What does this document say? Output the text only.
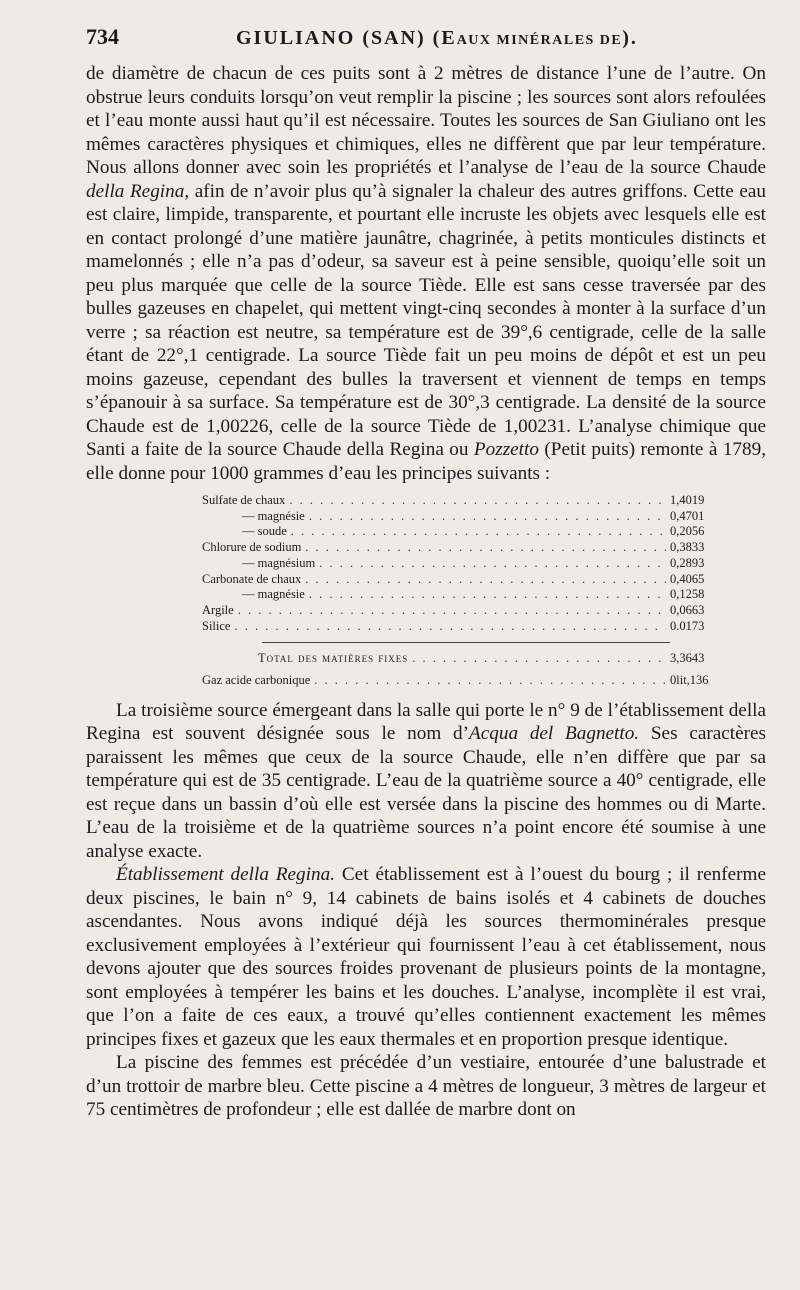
734	GIULIANO (SAN) (EAUX MINÉRALES DE).

de diamètre de chacun de ces puits sont à 2 mètres de distance l’une de l’autre. On obstrue leurs conduits lorsqu’on veut remplir la piscine ; les sources sont alors refoulées et l’eau monte aussi haut qu’il est nécessaire. Toutes les sources de San Giuliano ont les mêmes caractères physiques et chimiques, elles ne diffèrent que par leur température. Nous allons donner avec soin les propriétés et l’analyse de l’eau de la source Chaude della Regina, afin de n’avoir plus qu’à signaler la chaleur des autres griffons. Cette eau est claire, limpide, transparente, et pourtant elle incruste les objets avec lesquels elle est en contact prolongé d’une matière jaunâtre, chagrinée, à petits monticules distincts et mamelonnés ; elle n’a pas d’odeur, sa saveur est à peine sensible, quoiqu’elle soit un peu plus marquée que celle de la source Tiède. Elle est sans cesse traversée par des bulles gazeuses en chapelet, qui mettent vingt-cinq secondes à monter à la surface d’un verre ; sa réaction est neutre, sa température est de 39°,6 centigrade, celle de la salle étant de 22°,1 centigrade. La source Tiède fait un peu moins de dépôt et est un peu moins gazeuse, cependant des bulles la traversent et viennent de temps en temps s’épanouir à sa surface. Sa température est de 30°,3 centigrade. La densité de la source Chaude est de 1,00226, celle de la source Tiède de 1,00231. L’analyse chimique que Santi a faite de la source Chaude della Regina ou Pozzetto (Petit puits) remonte à 1789, elle donne pour 1000 grammes d’eau les principes suivants :

Sulfate de chaux . . .	1,4019
— magnésie . . .	0,4701
— soude . . .	0,2056
Chlorure de sodium . . .	0,3833
— magnésium . . .	0,2893
Carbonate de chaux . . .	0,4065
— magnésie . . .	0,1258
Argile . . .	0,0663
Silice . . .	0.0173
Total des matières fixes . . .	3,3643
Gaz acide carbonique . . .	0lit,136

La troisième source émergeant dans la salle qui porte le n° 9 de l’établissement della Regina est souvent désignée sous le nom d’Acqua del Bagnetto. Ses caractères paraissent les mêmes que ceux de la source Chaude, elle n’en diffère que par sa température qui est de 35 centigrade. L’eau de la quatrième source a 40° centigrade, elle est reçue dans un bassin d’où elle est versée dans la piscine des hommes ou di Marte. L’eau de la troisième et de la quatrième sources n’a point encore été soumise à une analyse exacte.

Établissement della Regina. Cet établissement est à l’ouest du bourg ; il renferme deux piscines, le bain n° 9, 14 cabinets de bains isolés et 4 cabinets de douches ascendantes. Nous avons indiqué déjà les sources thermominérales presque exclusivement employées à l’extérieur qui fournissent l’eau à cet établissement, nous devons ajouter que des sources froides provenant de plusieurs points de la montagne, sont employées à tempérer les bains et les douches. L’analyse, incomplète il est vrai, que l’on a faite de ces eaux, a trouvé qu’elles contiennent exactement les mêmes principes fixes et gazeux que les eaux thermales et en proportion presque identique.

La piscine des femmes est précédée d’un vestiaire, entourée d’une balustrade et d’un trottoir de marbre bleu. Cette piscine a 4 mètres de longueur, 3 mètres de largeur et 75 centimètres de profondeur ; elle est dallée de marbre dont on
